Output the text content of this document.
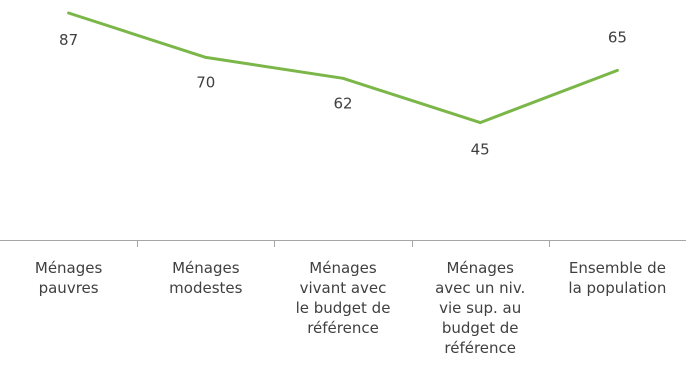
87
70
62
45
65
Ménages
pauvres
Ménages
modestes
Ménages
vivant avec
le budget de
référence
Ménages
avec un niv.
vie sup. au
budget de
référence
Ensemble de
la population
